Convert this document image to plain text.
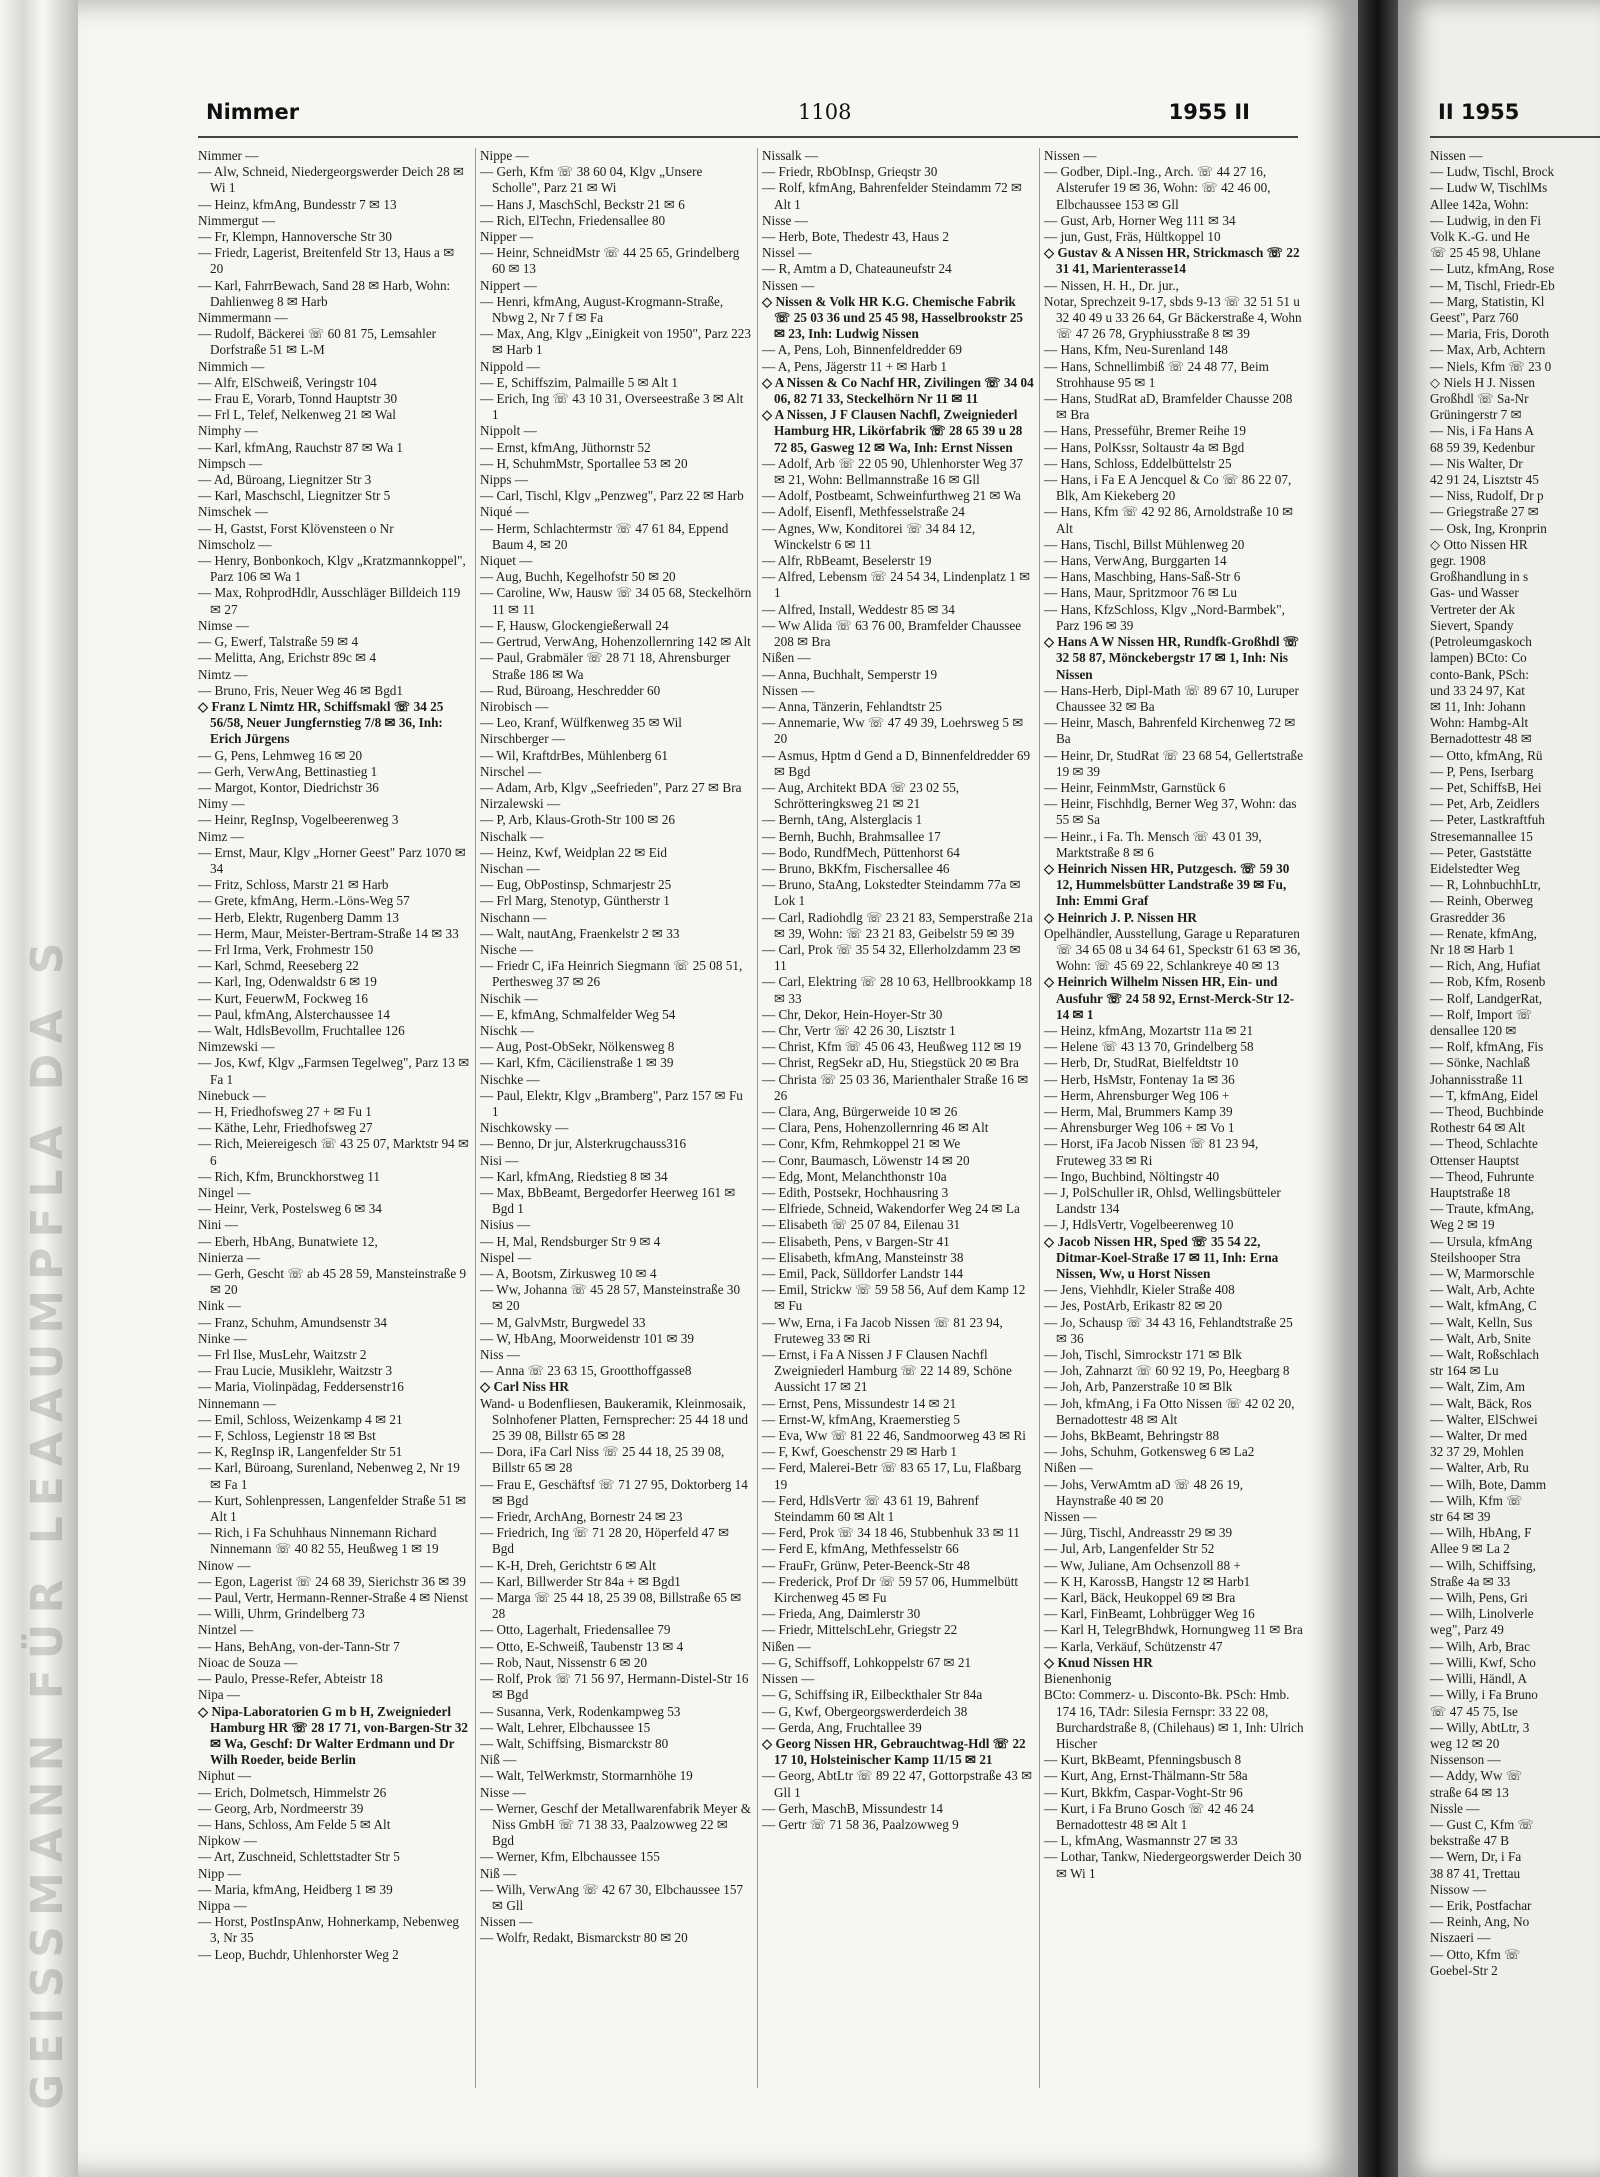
GEISSMANN FÜR LEAAUMPFLA DA S
Nimmer	1108	1955 II
Nimmer —
— Alw, Schneid, Niedergeorgswerder Deich 28 ✉ Wi 1
— Heinz, kfmAng, Bundesstr 7 ✉ 13
Nimmergut —
— Fr, Klempn, Hannoversche Str 30
— Friedr, Lagerist, Breitenfeld Str 13, Haus a ✉ 20
— Karl, FahrrBewach, Sand 28 ✉ Harb, Wohn: Dahlienweg 8 ✉ Harb
Nimmermann —
— Rudolf, Bäckerei ☏ 60 81 75, Lemsahler Dorfstraße 51 ✉ L-M
Nimmich —
— Alfr, ElSchweiß, Veringstr 104
— Frau E, Vorarb, Tonnd Hauptstr 30
— Frl L, Telef, Nelkenweg 21 ✉ Wal
Nimphy —
— Karl, kfmAng, Rauchstr 87 ✉ Wa 1
Nimpsch —
— Ad, Büroang, Liegnitzer Str 3
— Karl, Maschschl, Liegnitzer Str 5
Nimschek —
— H, Gastst, Forst Klövensteen o Nr
Nimscholz —
— Henry, Bonbonkoch, Klgv „Kratzmannkoppel", Parz 106 ✉ Wa 1
— Max, RohprodHdlr, Ausschläger Billdeich 119 ✉ 27
Nimse —
— G, Ewerf, Talstraße 59 ✉ 4
— Melitta, Ang, Erichstr 89c ✉ 4
Nimtz —
— Bruno, Fris, Neuer Weg 46 ✉ Bgd1
◇ Franz L Nimtz HR, Schiffsmakl ☏ 34 25 56/58, Neuer Jungfernstieg 7/8 ✉ 36, Inh: Erich Jürgens
— G, Pens, Lehmweg 16 ✉ 20
— Gerh, VerwAng, Bettinastieg 1
— Margot, Kontor, Diedrichstr 36
Nimy —
— Heinr, RegInsp, Vogelbeerenweg 3
Nimz —
— Ernst, Maur, Klgv „Horner Geest" Parz 1070 ✉ 34
— Fritz, Schloss, Marstr 21 ✉ Harb
— Grete, kfmAng, Herm.-Löns-Weg 57
— Herb, Elektr, Rugenberg Damm 13
— Herm, Maur, Meister-Bertram-Straße 14 ✉ 33
— Frl Irma, Verk, Frohmestr 150
— Karl, Schmd, Reeseberg 22
— Karl, Ing, Odenwaldstr 6 ✉ 19
— Kurt, FeuerwM, Fockweg 16
— Paul, kfmAng, Alsterchaussee 14
— Walt, HdlsBevollm, Fruchtallee 126
Nimzewski —
— Jos, Kwf, Klgv „Farmsen Tegelweg", Parz 13 ✉ Fa 1
Ninebuck —
— H, Friedhofsweg 27 + ✉ Fu 1
— Käthe, Lehr, Friedhofsweg 27
— Rich, Meiereigesch ☏ 43 25 07, Marktstr 94 ✉ 6
— Rich, Kfm, Brunckhorstweg 11
Ningel —
— Heinr, Verk, Postelsweg 6 ✉ 34
Nini —
— Eberh, HbAng, Bunatwiete 12,
Ninierza —
— Gerh, Gescht ☏ ab 45 28 59, Mansteinstraße 9 ✉ 20
Nink —
— Franz, Schuhm, Amundsenstr 34
Ninke —
— Frl Ilse, MusLehr, Waitzstr 2
— Frau Lucie, Musiklehr, Waitzstr 3
— Maria, Violinpädag, Feddersenstr16
Ninnemann —
— Emil, Schloss, Weizenkamp 4 ✉ 21
— F, Schloss, Legienstr 18 ✉ Bst
— K, RegInsp iR, Langenfelder Str 51
— Karl, Büroang, Surenland, Nebenweg 2, Nr 19 ✉ Fa 1
— Kurt, Sohlenpressen, Langenfelder Straße 51 ✉ Alt 1
— Rich, i Fa Schuhhaus Ninnemann Richard Ninnemann ☏ 40 82 55, Heußweg 1 ✉ 19
Ninow —
— Egon, Lagerist ☏ 24 68 39, Sierichstr 36 ✉ 39
— Paul, Vertr, Hermann-Renner-Straße 4 ✉ Nienst
— Willi, Uhrm, Grindelberg 73
Nintzel —
— Hans, BehAng, von-der-Tann-Str 7
Nioac de Souza —
— Paulo, Presse-Refer, Abteistr 18
Nipa —
◇ Nipa-Laboratorien G m b H, Zweigniederl Hamburg HR ☏ 28 17 71, von-Bargen-Str 32 ✉ Wa, Geschf: Dr Walter Erdmann und Dr Wilh Roeder, beide Berlin
Niphut —
— Erich, Dolmetsch, Himmelstr 26
— Georg, Arb, Nordmeerstr 39
— Hans, Schloss, Am Felde 5 ✉ Alt
Nipkow —
— Art, Zuschneid, Schlettstadter Str 5
Nipp —
— Maria, kfmAng, Heidberg 1 ✉ 39
Nippa —
— Horst, PostInspAnw, Hohnerkamp, Nebenweg 3, Nr 35
— Leop, Buchdr, Uhlenhorster Weg 2
Nippe —
— Gerh, Kfm ☏ 38 60 04, Klgv „Unsere Scholle", Parz 21 ✉ Wi
— Hans J, MaschSchl, Beckstr 21 ✉ 6
— Rich, ElTechn, Friedensallee 80
Nipper —
— Heinr, SchneidMstr ☏ 44 25 65, Grindelberg 60 ✉ 13
Nippert —
— Henri, kfmAng, August-Krogmann-Straße, Nbwg 2, Nr 7 f ✉ Fa
— Max, Ang, Klgv „Einigkeit von 1950", Parz 223 ✉ Harb 1
Nippold —
— E, Schiffszim, Palmaille 5 ✉ Alt 1
— Erich, Ing ☏ 43 10 31, Overseestraße 3 ✉ Alt 1
Nippolt —
— Ernst, kfmAng, Jüthornstr 52
— H, SchuhmMstr, Sportallee 53 ✉ 20
Nipps —
— Carl, Tischl, Klgv „Penzweg", Parz 22 ✉ Harb
Niqué —
— Herm, Schlachtermstr ☏ 47 61 84, Eppend Baum 4, ✉ 20
Niquet —
— Aug, Buchh, Kegelhofstr 50 ✉ 20
— Caroline, Ww, Hausw ☏ 34 05 68, Steckelhörn 11 ✉ 11
— F, Hausw, Glockengießerwall 24
— Gertrud, VerwAng, Hohenzollernring 142 ✉ Alt
— Paul, Grabmäler ☏ 28 71 18, Ahrensburger Straße 186 ✉ Wa
— Rud, Büroang, Heschredder 60
Nirobisch —
— Leo, Kranf, Wülfkenweg 35 ✉ Wil
Nirschberger —
— Wil, KraftdrBes, Mühlenberg 61
Nirschel —
— Adam, Arb, Klgv „Seefrieden", Parz 27 ✉ Bra
Nirzalewski —
— P, Arb, Klaus-Groth-Str 100 ✉ 26
Nischalk —
— Heinz, Kwf, Weidplan 22 ✉ Eid
Nischan —
— Eug, ObPostinsp, Schmarjestr 25
— Frl Marg, Stenotyp, Güntherstr 1
Nischann —
— Walt, nautAng, Fraenkelstr 2 ✉ 33
Nische —
— Friedr C, iFa Heinrich Siegmann ☏ 25 08 51, Perthesweg 37 ✉ 26
Nischik —
— E, kfmAng, Schmalfelder Weg 54
Nischk —
— Aug, Post-ObSekr, Nölkensweg 8
— Karl, Kfm, Cäcilienstraße 1 ✉ 39
Nischke —
— Paul, Elektr, Klgv „Bramberg", Parz 157 ✉ Fu 1
Nischkowsky —
— Benno, Dr jur, Alsterkrugchauss316
Nisi —
— Karl, kfmAng, Riedstieg 8 ✉ 34
— Max, BbBeamt, Bergedorfer Heerweg 161 ✉ Bgd 1
Nisius —
— H, Mal, Rendsburger Str 9 ✉ 4
Nispel —
— A, Bootsm, Zirkusweg 10 ✉ 4
— Ww, Johanna ☏ 45 28 57, Mansteinstraße 30 ✉ 20
— M, GalvMstr, Burgwedel 33
— W, HbAng, Moorweidenstr 101 ✉ 39
Niss —
— Anna ☏ 23 63 15, Grootthoffgasse8
◇ Carl Niss HR
Wand- u Bodenfliesen, Baukeramik, Kleinmosaik, Solnhofener Platten, Fernsprecher: 25 44 18 und 25 39 08, Billstr 65 ✉ 28
— Dora, iFa Carl Niss ☏ 25 44 18, 25 39 08, Billstr 65 ✉ 28
— Frau E, Geschäftsf ☏ 71 27 95, Doktorberg 14 ✉ Bgd
— Friedr, ArchAng, Bornestr 24 ✉ 23
— Friedrich, Ing ☏ 71 28 20, Höperfeld 47 ✉ Bgd
— K-H, Dreh, Gerichtstr 6 ✉ Alt
— Karl, Billwerder Str 84a + ✉ Bgd1
— Marga ☏ 25 44 18, 25 39 08, Billstraße 65 ✉ 28
— Otto, Lagerhalt, Friedensallee 79
— Otto, E-Schweiß, Taubenstr 13 ✉ 4
— Rob, Naut, Nissenstr 6 ✉ 20
— Rolf, Prok ☏ 71 56 97, Hermann-Distel-Str 16 ✉ Bgd
— Susanna, Verk, Rodenkampweg 53
— Walt, Lehrer, Elbchaussee 15
— Walt, Schiffsing, Bismarckstr 80
Niß —
— Walt, TelWerkmstr, Stormarnhöhe 19
Nisse —
— Werner, Geschf der Metallwarenfabrik Meyer & Niss GmbH ☏ 71 38 33, Paalzowweg 22 ✉ Bgd
— Werner, Kfm, Elbchaussee 155
Niß —
— Wilh, VerwAng ☏ 42 67 30, Elbchaussee 157 ✉ Gll
Nissen —
— Wolfr, Redakt, Bismarckstr 80 ✉ 20
Nissalk —
— Friedr, RbObInsp, Grieqstr 30
— Rolf, kfmAng, Bahrenfelder Steindamm 72 ✉ Alt 1
Nisse —
— Herb, Bote, Thedestr 43, Haus 2
Nissel —
— R, Amtm a D, Chateauneufstr 24
Nissen —
◇ Nissen & Volk HR K.G. Chemische Fabrik ☏ 25 03 36 und 25 45 98, Hasselbrookstr 25 ✉ 23, Inh: Ludwig Nissen
— A, Pens, Loh, Binnenfeldredder 69
— A, Pens, Jägerstr 11 + ✉ Harb 1
◇ A Nissen & Co Nachf HR, Zivilingen ☏ 34 04 06, 82 71 33, Steckelhörn Nr 11 ✉ 11
◇ A Nissen, J F Clausen Nachfl, Zweigniederl Hamburg HR, Likörfabrik ☏ 28 65 39 u 28 72 85, Gasweg 12 ✉ Wa, Inh: Ernst Nissen
— Adolf, Arb ☏ 22 05 90, Uhlenhorster Weg 37 ✉ 21, Wohn: Bellmannstraße 16 ✉ Gll
— Adolf, Postbeamt, Schweinfurthweg 21 ✉ Wa
— Adolf, Eisenfl, Methfesselstraße 24
— Agnes, Ww, Konditorei ☏ 34 84 12, Winckelstr 6 ✉ 11
— Alfr, RbBeamt, Beselerstr 19
— Alfred, Lebensm ☏ 24 54 34, Lindenplatz 1 ✉ 1
— Alfred, Install, Weddestr 85 ✉ 34
— Ww Alida ☏ 63 76 00, Bramfelder Chaussee 208 ✉ Bra
Nißen —
— Anna, Buchhalt, Semperstr 19
Nissen —
— Anna, Tänzerin, Fehlandtstr 25
— Annemarie, Ww ☏ 47 49 39, Loehrsweg 5 ✉ 20
— Asmus, Hptm d Gend a D, Binnenfeldredder 69 ✉ Bgd
— Aug, Architekt BDA ☏ 23 02 55, Schrötteringksweg 21 ✉ 21
— Bernh, tAng, Alsterglacis 1
— Bernh, Buchh, Brahmsallee 17
— Bodo, RundfMech, Püttenhorst 64
— Bruno, BkKfm, Fischersallee 46
— Bruno, StaAng, Lokstedter Steindamm 77a ✉ Lok 1
— Carl, Radiohdlg ☏ 23 21 83, Semperstraße 21a ✉ 39, Wohn: ☏ 23 21 83, Geibelstr 59 ✉ 39
— Carl, Prok ☏ 35 54 32, Ellerholzdamm 23 ✉ 11
— Carl, Elektring ☏ 28 10 63, Hellbrookkamp 18 ✉ 33
— Chr, Dekor, Hein-Hoyer-Str 30
— Chr, Vertr ☏ 42 26 30, Lisztstr 1
— Christ, Kfm ☏ 45 06 43, Heußweg 112 ✉ 19
— Christ, RegSekr aD, Hu, Stiegstück 20 ✉ Bra
— Christa ☏ 25 03 36, Marienthaler Straße 16 ✉ 26
— Clara, Ang, Bürgerweide 10 ✉ 26
— Clara, Pens, Hohenzollernring 46 ✉ Alt
— Conr, Kfm, Rehmkoppel 21 ✉ We
— Conr, Baumasch, Löwenstr 14 ✉ 20
— Edg, Mont, Melanchthonstr 10a
— Edith, Postsekr, Hochhausring 3
— Elfriede, Schneid, Wakendorfer Weg 24 ✉ La
— Elisabeth ☏ 25 07 84, Eilenau 31
— Elisabeth, Pens, v Bargen-Str 41
— Elisabeth, kfmAng, Mansteinstr 38
— Emil, Pack, Sülldorfer Landstr 144
— Emil, Strickw ☏ 59 58 56, Auf dem Kamp 12 ✉ Fu
— Ww, Erna, i Fa Jacob Nissen ☏ 81 23 94, Fruteweg 33 ✉ Ri
— Ernst, i Fa A Nissen J F Clausen Nachfl Zweigniederl Hamburg ☏ 22 14 89, Schöne Aussicht 17 ✉ 21
— Ernst, Pens, Missundestr 14 ✉ 21
— Ernst-W, kfmAng, Kraemerstieg 5
— Eva, Ww ☏ 81 22 46, Sandmoorweg 43 ✉ Ri
— F, Kwf, Goeschenstr 29 ✉ Harb 1
— Ferd, Malerei-Betr ☏ 83 65 17, Lu, Flaßbarg 19
— Ferd, HdlsVertr ☏ 43 61 19, Bahrenf Steindamm 60 ✉ Alt 1
— Ferd, Prok ☏ 34 18 46, Stubbenhuk 33 ✉ 11
— Ferd E, kfmAng, Methfesselstr 66
— FrauFr, Grünw, Peter-Beenck-Str 48
— Frederick, Prof Dr ☏ 59 57 06, Hummelbütt Kirchenweg 45 ✉ Fu
— Frieda, Ang, Daimlerstr 30
— Friedr, MittelschLehr, Griegstr 22
Nißen —
— G, Schiffsoff, Lohkoppelstr 67 ✉ 21
Nissen —
— G, Schiffsing iR, Eilbeckthaler Str 84a
— G, Kwf, Obergeorgswerderdeich 38
— Gerda, Ang, Fruchtallee 39
◇ Georg Nissen HR, Gebrauchtwag-Hdl ☏ 22 17 10, Holsteinischer Kamp 11/15 ✉ 21
— Georg, AbtLtr ☏ 89 22 47, Gottorpstraße 43 ✉ Gll 1
— Gerh, MaschB, Missundestr 14
— Gertr ☏ 71 58 36, Paalzowweg 9
Nissen —
— Godber, Dipl.-Ing., Arch. ☏ 44 27 16, Alsterufer 19 ✉ 36, Wohn: ☏ 42 46 00, Elbchaussee 153 ✉ Gll
— Gust, Arb, Horner Weg 111 ✉ 34
— jun, Gust, Fräs, Hültkoppel 10
◇ Gustav & A Nissen HR, Strickmasch ☏ 22 31 41, Marienterasse14
— Nissen, H. H., Dr. jur.,
Notar, Sprechzeit 9-17, sbds 9-13 ☏ 32 51 51 u 32 40 49 u 33 26 64, Gr Bäckerstraße 4, Wohn ☏ 47 26 78, Gryphiusstraße 8 ✉ 39
— Hans, Kfm, Neu-Surenland 148
— Hans, Schnellimbiß ☏ 24 48 77, Beim Strohhause 95 ✉ 1
— Hans, StudRat aD, Bramfelder Chausse 208 ✉ Bra
— Hans, Presseführ, Bremer Reihe 19
— Hans, PolKssr, Soltaustr 4a ✉ Bgd
— Hans, Schloss, Eddelbüttelstr 25
— Hans, i Fa E A Jencquel & Co ☏ 86 22 07, Blk, Am Kiekeberg 20
— Hans, Kfm ☏ 42 92 86, Arnoldstraße 10 ✉ Alt
— Hans, Tischl, Billst Mühlenweg 20
— Hans, VerwAng, Burggarten 14
— Hans, Maschbing, Hans-Saß-Str 6
— Hans, Maur, Spritzmoor 76 ✉ Lu
— Hans, KfzSchloss, Klgv „Nord-Barmbek", Parz 196 ✉ 39
◇ Hans A W Nissen HR, Rundfk-Großhdl ☏ 32 58 87, Mönckebergstr 17 ✉ 1, Inh: Nis Nissen
— Hans-Herb, Dipl-Math ☏ 89 67 10, Luruper Chaussee 32 ✉ Ba
— Heinr, Masch, Bahrenfeld Kirchenweg 72 ✉ Ba
— Heinr, Dr, StudRat ☏ 23 68 54, Gellertstraße 19 ✉ 39
— Heinr, FeinmMstr, Garnstück 6
— Heinr, Fischhdlg, Berner Weg 37, Wohn: das 55 ✉ Sa
— Heinr., i Fa. Th. Mensch ☏ 43 01 39, Marktstraße 8 ✉ 6
◇ Heinrich Nissen HR, Putzgesch. ☏ 59 30 12, Hummelsbütter Landstraße 39 ✉ Fu, Inh: Emmi Graf
◇ Heinrich J. P. Nissen HR
Opelhändler, Ausstellung, Garage u Reparaturen ☏ 34 65 08 u 34 64 61, Speckstr 61 63 ✉ 36, Wohn: ☏ 45 69 22, Schlankreye 40 ✉ 13
◇ Heinrich Wilhelm Nissen HR, Ein- und Ausfuhr ☏ 24 58 92, Ernst-Merck-Str 12-14 ✉ 1
— Heinz, kfmAng, Mozartstr 11a ✉ 21
— Helene ☏ 43 13 70, Grindelberg 58
— Herb, Dr, StudRat, Bielfeldtstr 10
— Herb, HsMstr, Fontenay 1a ✉ 36
— Herm, Ahrensburger Weg 106 +
— Herm, Mal, Brummers Kamp 39
— Ahrensburger Weg 106 + ✉ Vo 1
— Horst, iFa Jacob Nissen ☏ 81 23 94, Fruteweg 33 ✉ Ri
— Ingo, Buchbind, Nöltingstr 40
— J, PolSchuller iR, Ohlsd, Wellingsbütteler Landstr 134
— J, HdlsVertr, Vogelbeerenweg 10
◇ Jacob Nissen HR, Sped ☏ 35 54 22, Ditmar-Koel-Straße 17 ✉ 11, Inh: Erna Nissen, Ww, u Horst Nissen
— Jens, Viehhdlr, Kieler Straße 408
— Jes, PostArb, Erikastr 82 ✉ 20
— Jo, Schausp ☏ 34 43 16, Fehlandtstraße 25 ✉ 36
— Joh, Tischl, Simrockstr 171 ✉ Blk
— Joh, Zahnarzt ☏ 60 92 19, Po, Heegbarg 8
— Joh, Arb, Panzerstraße 10 ✉ Blk
— Joh, kfmAng, i Fa Otto Nissen ☏ 42 02 20, Bernadottestr 48 ✉ Alt
— Johs, BkBeamt, Behringstr 88
— Johs, Schuhm, Gotkensweg 6 ✉ La2
Nißen —
— Johs, VerwAmtm aD ☏ 48 26 19, Haynstraße 40 ✉ 20
Nissen —
— Jürg, Tischl, Andreasstr 29 ✉ 39
— Jul, Arb, Langenfelder Str 52
— Ww, Juliane, Am Ochsenzoll 88 +
— K H, KarossB, Hangstr 12 ✉ Harb1
— Karl, Bäck, Heukoppel 69 ✉ Bra
— Karl, FinBeamt, Lohbrügger Weg 16
— Karl H, TelegrBhdwk, Hornungweg 11 ✉ Bra
— Karla, Verkäuf, Schützenstr 47
◇ Knud Nissen HR
Bienenhonig
BCto: Commerz- u. Disconto-Bk. PSch: Hmb. 174 16, TAdr: Silesia Fernspr: 33 22 08, Burchardstraße 8, (Chilehaus) ✉ 1, Inh: Ulrich Hischer
— Kurt, BkBeamt, Pfenningsbusch 8
— Kurt, Ang, Ernst-Thälmann-Str 58a
— Kurt, Bkkfm, Caspar-Voght-Str 96
— Kurt, i Fa Bruno Gosch ☏ 42 46 24 Bernadottestr 48 ✉ Alt 1
— L, kfmAng, Wasmannstr 27 ✉ 33
— Lothar, Tankw, Niedergeorgswerder Deich 30 ✉ Wi 1
II 1955
Nissen —
— Ludw, Tischl, Brock
— Ludw W, TischlMs
Allee 142a, Wohn:
— Ludwig, in den Fi
Volk K.-G. und He
☏ 25 45 98, Uhlane
— Lutz, kfmAng, Rose
— M, Tischl, Friedr-Eb
— Marg, Statistin, Kl
Geest", Parz 760
— Maria, Fris, Doroth
— Max, Arb, Achtern
— Niels, Kfm ☏ 23 0
◇ Niels H J. Nissen
Großhdl ☏ Sa-Nr
Grüningerstr 7 ✉
— Nis, i Fa Hans A
68 59 39, Kedenbur
— Nis Walter, Dr
42 91 24, Lisztstr 45
— Niss, Rudolf, Dr p
— Griegstraße 27 ✉
— Osk, Ing, Kronprin
◇ Otto Nissen HR
gegr. 1908
Großhandlung in s
Gas- und Wasser
Vertreter der Ak
Sievert, Spandy
(Petroleumgaskoch
lampen) BCto: Co
conto-Bank, PSch:
und 33 24 97, Kat
✉ 11, Inh: Johann
Wohn: Hambg-Alt
Bernadottestr 48 ✉
— Otto, kfmAng, Rü
— P, Pens, Iserbarg
— Pet, SchiffsB, Hei
— Pet, Arb, Zeidlers
— Peter, Lastkraftfuh
Stresemannallee 15
— Peter, Gaststätte
Eidelstedter Weg
— R, LohnbuchhLtr,
— Reinh, Oberweg
Grasredder 36
— Renate, kfmAng,
Nr 18 ✉ Harb 1
— Rich, Ang, Hufiat
— Rob, Kfm, Rosenb
— Rolf, LandgerRat,
— Rolf, Import ☏
densallee 120 ✉
— Rolf, kfmAng, Fis
— Sönke, Nachlaß
Johannisstraße 11
— T, kfmAng, Eidel
— Theod, Buchbinde
Rothestr 64 ✉ Alt
— Theod, Schlachte
Ottenser Hauptst
— Theod, Fuhrunte
Hauptstraße 18
— Traute, kfmAng,
Weg 2 ✉ 19
— Ursula, kfmAng
Steilshooper Stra
— W, Marmorschle
— Walt, Arb, Achte
— Walt, kfmAng, C
— Walt, Kelln, Sus
— Walt, Arb, Snite
— Walt, Roßschlach
str 164 ✉ Lu
— Walt, Zim, Am
— Walt, Bäck, Ros
— Walter, ElSchwei
— Walter, Dr med
32 37 29, Mohlen
— Walter, Arb, Ru
— Wilh, Bote, Damm
— Wilh, Kfm ☏
str 64 ✉ 39
— Wilh, HbAng, F
Allee 9 ✉ La 2
— Wilh, Schiffsing,
Straße 4a ✉ 33
— Wilh, Pens, Gri
— Wilh, Linolverle
weg", Parz 49
— Wilh, Arb, Brac
— Willi, Kwf, Scho
— Willi, Händl, A
— Willy, i Fa Bruno
☏ 47 45 75, Ise
— Willy, AbtLtr, 3
weg 12 ✉ 20
Nissenson —
— Addy, Ww ☏
straße 64 ✉ 13
Nissle —
— Gust C, Kfm ☏
bekstraße 47 B
— Wern, Dr, i Fa
38 87 41, Trettau
Nissow —
— Erik, Postfachar
— Reinh, Ang, No
Niszaeri —
— Otto, Kfm ☏
Goebel-Str 2
